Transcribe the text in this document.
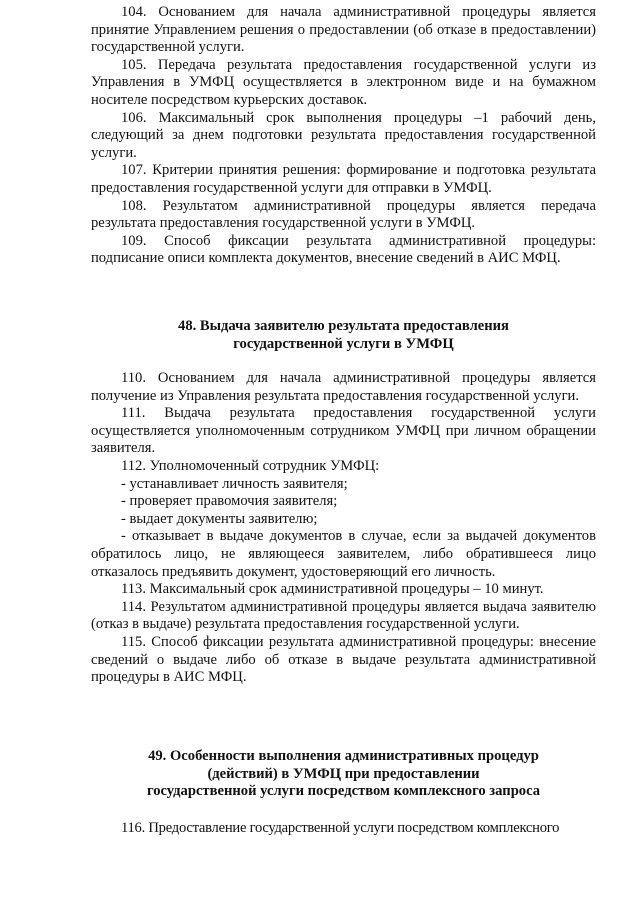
104. Основанием для начала административной процедуры является принятие Управлением решения о предоставлении (об отказе в предоставлении) государственной услуги.

105. Передача результата предоставления государственной услуги из Управления в УМФЦ осуществляется в электронном виде и на бумажном носителе посредством курьерских доставок.

106. Максимальный срок выполнения процедуры –1 рабочий день, следующий за днем подготовки результата предоставления государственной услуги.

107. Критерии принятия решения: формирование и подготовка результата предоставления государственной услуги для отправки в УМФЦ.

108. Результатом административной процедуры является передача результата предоставления государственной услуги в УМФЦ.

109. Способ фиксации результата административной процедуры: подписание описи комплекта документов, внесение сведений в АИС МФЦ.

48. Выдача заявителю результата предоставления

государственной услуги в УМФЦ

110. Основанием для начала административной процедуры является получение из Управления результата предоставления государственной услуги.

111. Выдача результата предоставления государственной услуги осуществляется уполномоченным сотрудником УМФЦ при личном обращении заявителя.

112. Уполномоченный сотрудник УМФЦ:

- устанавливает личность заявителя;

- проверяет правомочия заявителя;

- выдает документы заявителю;

- отказывает в выдаче документов в случае, если за выдачей документов обратилось лицо, не являющееся заявителем, либо обратившееся лицо отказалось предъявить документ, удостоверяющий его личность.

113. Максимальный срок административной процедуры – 10 минут.

114. Результатом административной процедуры является выдача заявителю (отказ в выдаче) результата предоставления государственной услуги.

115. Способ фиксации результата административной процедуры: внесение сведений о выдаче либо об отказе в выдаче результата административной процедуры в АИС МФЦ.

49. Особенности выполнения административных процедур

(действий) в УМФЦ при предоставлении

государственной услуги посредством комплексного запроса

116. Предоставление государственной услуги посредством комплексного
